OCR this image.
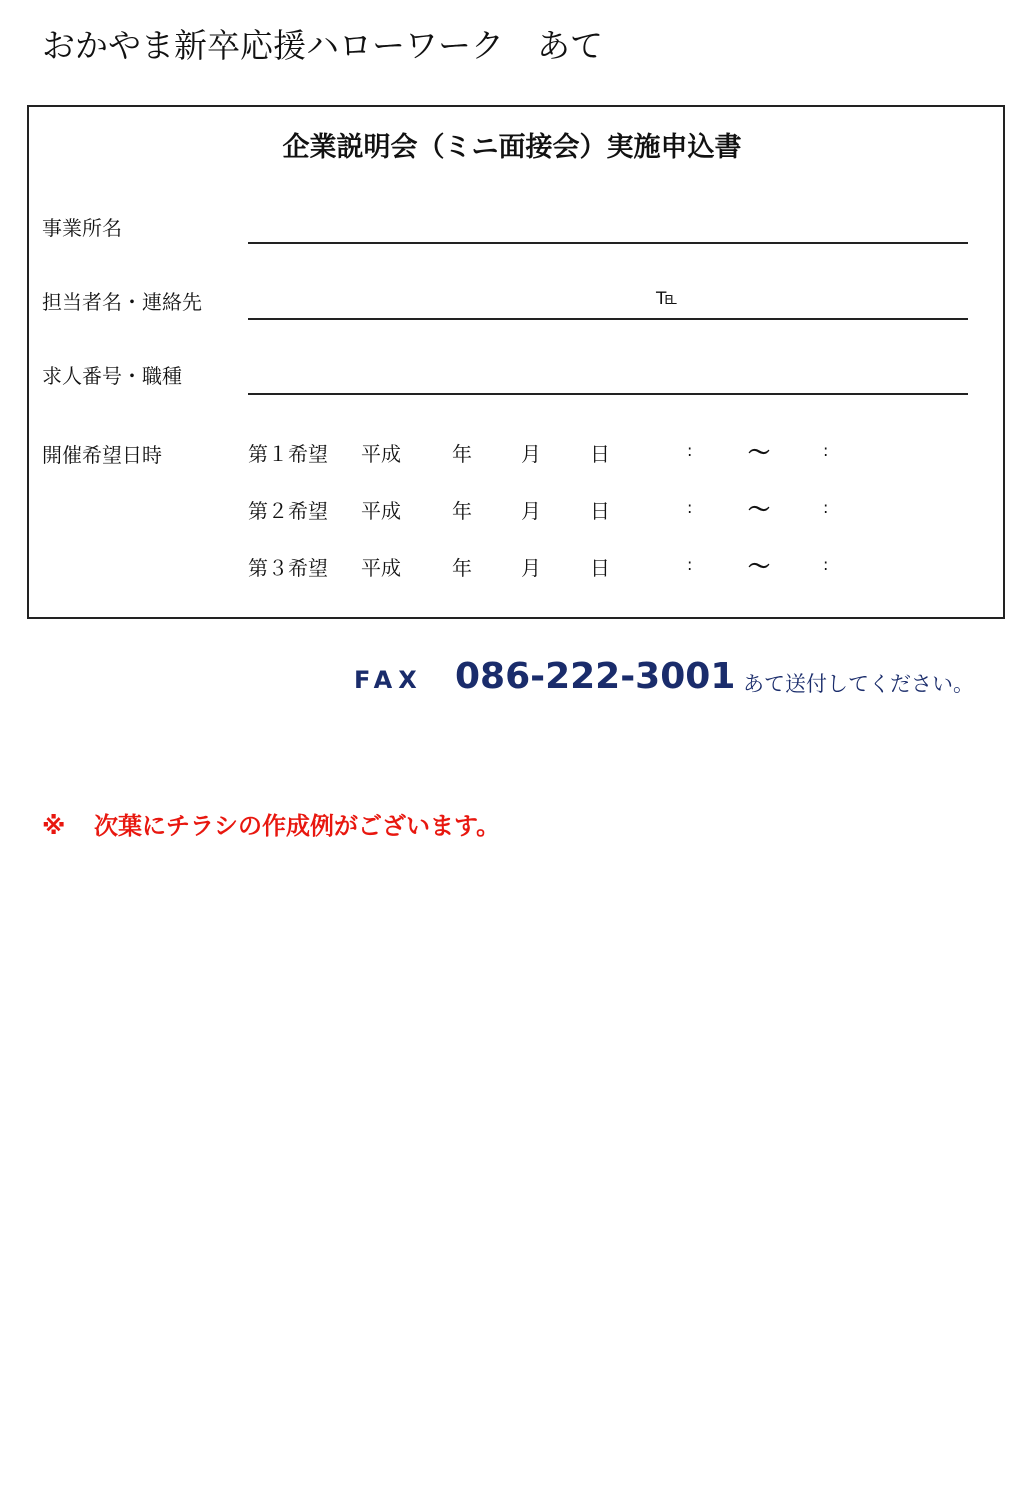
おかやま新卒応援ハローワーク　あて
企業説明会（ミニ面接会）実施申込書
事業所名
担当者名・連絡先	Tel
求人番号・職種
開催希望日時	第１希望 平成	年 月 日	:	～	:
第２希望 平成	年 月 日	:	～	:
第３希望 平成	年 月 日	:	～	:
FAX 086-222-3001 あて送付してください。
※ 次葉にチラシの作成例がございます。
